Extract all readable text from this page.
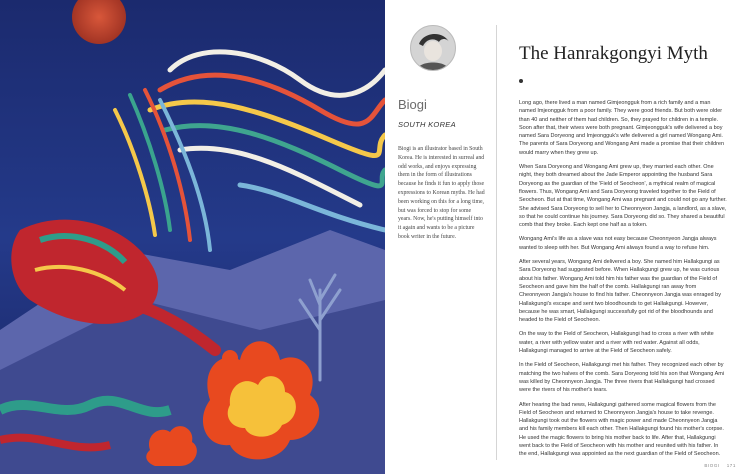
The Hanrakgongyi Myth
Biogi
SOUTH KOREA

Biogi is an illustrator based in South Korea. He is interested in surreal and odd works, and enjoys expressing them in the form of illustrations because he finds it fun to apply those expressions to Korean myths. He had been working on this for a long time, but was forced to stop for some years. Now, he's putting himself into it again and wants to be a picture book writer in the future.

Long ago, there lived a man named Gimjeongguk from a rich family and a man named Imjeongguk from a poor family. They were good friends. But both were older than 40 and neither of them had children. So, they prayed for children in a temple. Soon after that, their wives were both pregnant. Gimjeongguk's wife delivered a boy named Sara Doryeong and Imjeongguk's wife delivered a girl named Wongang Ami. The parents of Sara Doryeong and Wongang Ami made a promise that their children would marry when they grew up.

When Sara Doryeong and Wongang Ami grew up, they married each other. One night, they both dreamed about the Jade Emperor appointing the husband Sara Doryeong as the guardian of the 'Field of Seocheon', a mythical realm of magical flowers. Thus, Wongang Ami and Sara Doryeong traveled together to the Field of Seocheon. But at that time, Wongang Ami was pregnant and could not go any further. She advised Sara Doryeong to sell her to Cheonnyeon Jangja, a landlord, as a slave, so that he could continue his journey. Sara Doryeong did so. They shared a beautiful comb that they broke. Each kept one half as a token.

Wongang Ami's life as a slave was not easy because Cheonnyeon Jangja always wanted to sleep with her. But Wongang Ami always found a way to refuse him.

After several years, Wongang Ami delivered a boy. She named him Hallakgungi as Sara Doryeong had suggested before. When Hallakgungi grew up, he was curious about his father. Wongang Ami told him his father was the guardian of the Field of Seocheon and gave him the half of the comb. Hallakgungi ran away from Cheonnyeon Jangja's house to find his father. Cheonnyeon Jangja was enraged by Hallakgungi's escape and sent two bloodhounds to get Hallakgungi. However, because he was smart, Hallakgungi successfully got rid of the bloodhounds and headed to the Field of Seocheon.

On the way to the Field of Seocheon, Hallakgungi had to cross a river with white water, a river with yellow water and a river with red water. Against all odds, Hallakgungi managed to arrive at the Field of Seocheon safely.

In the Field of Seocheon, Hallakgungi met his father. They recognized each other by matching the two halves of the comb. Sara Doryeong told his son that Wongang Ami was killed by Cheonnyeon Jangja. The three rivers that Hallakgungi had crossed were the rivers of his mother's tears.

After hearing the bad news, Hallakgungi gathered some magical flowers from the Field of Seocheon and returned to Cheonnyeon Jangja's house to take revenge. Hallakgungi took out the flowers with magic power and made Cheonnyeon Jangja and his family members kill each other. Then Hallakgungi found his mother's corpse. He used the magic flowers to bring his mother back to life. After that, Hallakgungi went back to the Field of Seocheon with his mother and reunited with his father. In the end, Hallakgungi was appointed as the next guardian of the Field of Seocheon.

BIOGI 171
